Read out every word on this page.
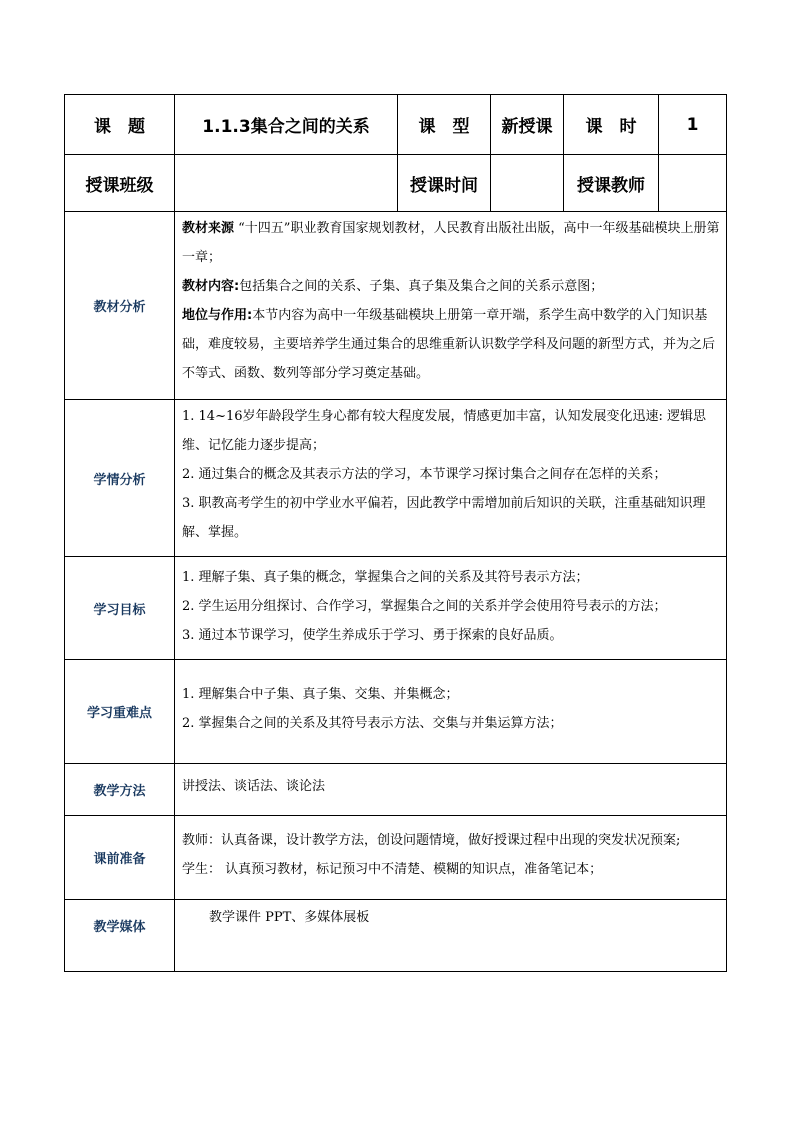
课　题	1.1.3集合之间的关系	课　型	新授课	课　时	1
授课班级		授课时间		授课教师	
教材分析	教材来源 “十四五”职业教育国家规划教材，人民教育出版社出版，高中一年级基础模块上册第一章；

教材内容:包括集合之间的关系、子集、真子集及集合之间的关系示意图；

地位与作用:本节内容为高中一年级基础模块上册第一章开端，系学生高中数学的入门知识基础，难度较易，主要培养学生通过集合的思维重新认识数学学科及问题的新型方式，并为之后不等式、函数、数列等部分学习奠定基础。				

学情分析	1. 14~16岁年龄段学生身心都有较大程度发展，情感更加丰富，认知发展变化迅速: 逻辑思维、记忆能力逐步提高；

2. 通过集合的概念及其表示方法的学习，本节课学习探讨集合之间存在怎样的关系；

3. 职教高考学生的初中学业水平偏若，因此教学中需增加前后知识的关联，注重基础知识理解、掌握。				

学习目标	1. 理解子集、真子集的概念，掌握集合之间的关系及其符号表示方法；

2. 学生运用分组探讨、合作学习，掌握集合之间的关系并学会使用符号表示的方法；

3. 通过本节课学习，使学生养成乐于学习、勇于探索的良好品质。				

学习重难点	1. 理解集合中子集、真子集、交集、并集概念；

2. 掌握集合之间的关系及其符号表示方法、交集与并集运算方法；				

教学方法	讲授法、谈话法、谈论法				

课前准备	教师：认真备课，设计教学方法，创设问题情境，做好授课过程中出现的突发状况预案;

学生： 认真预习教材，标记预习中不清楚、模糊的知识点，准备笔记本；				

教学媒体	教学课件 PPT、多媒体展板				
